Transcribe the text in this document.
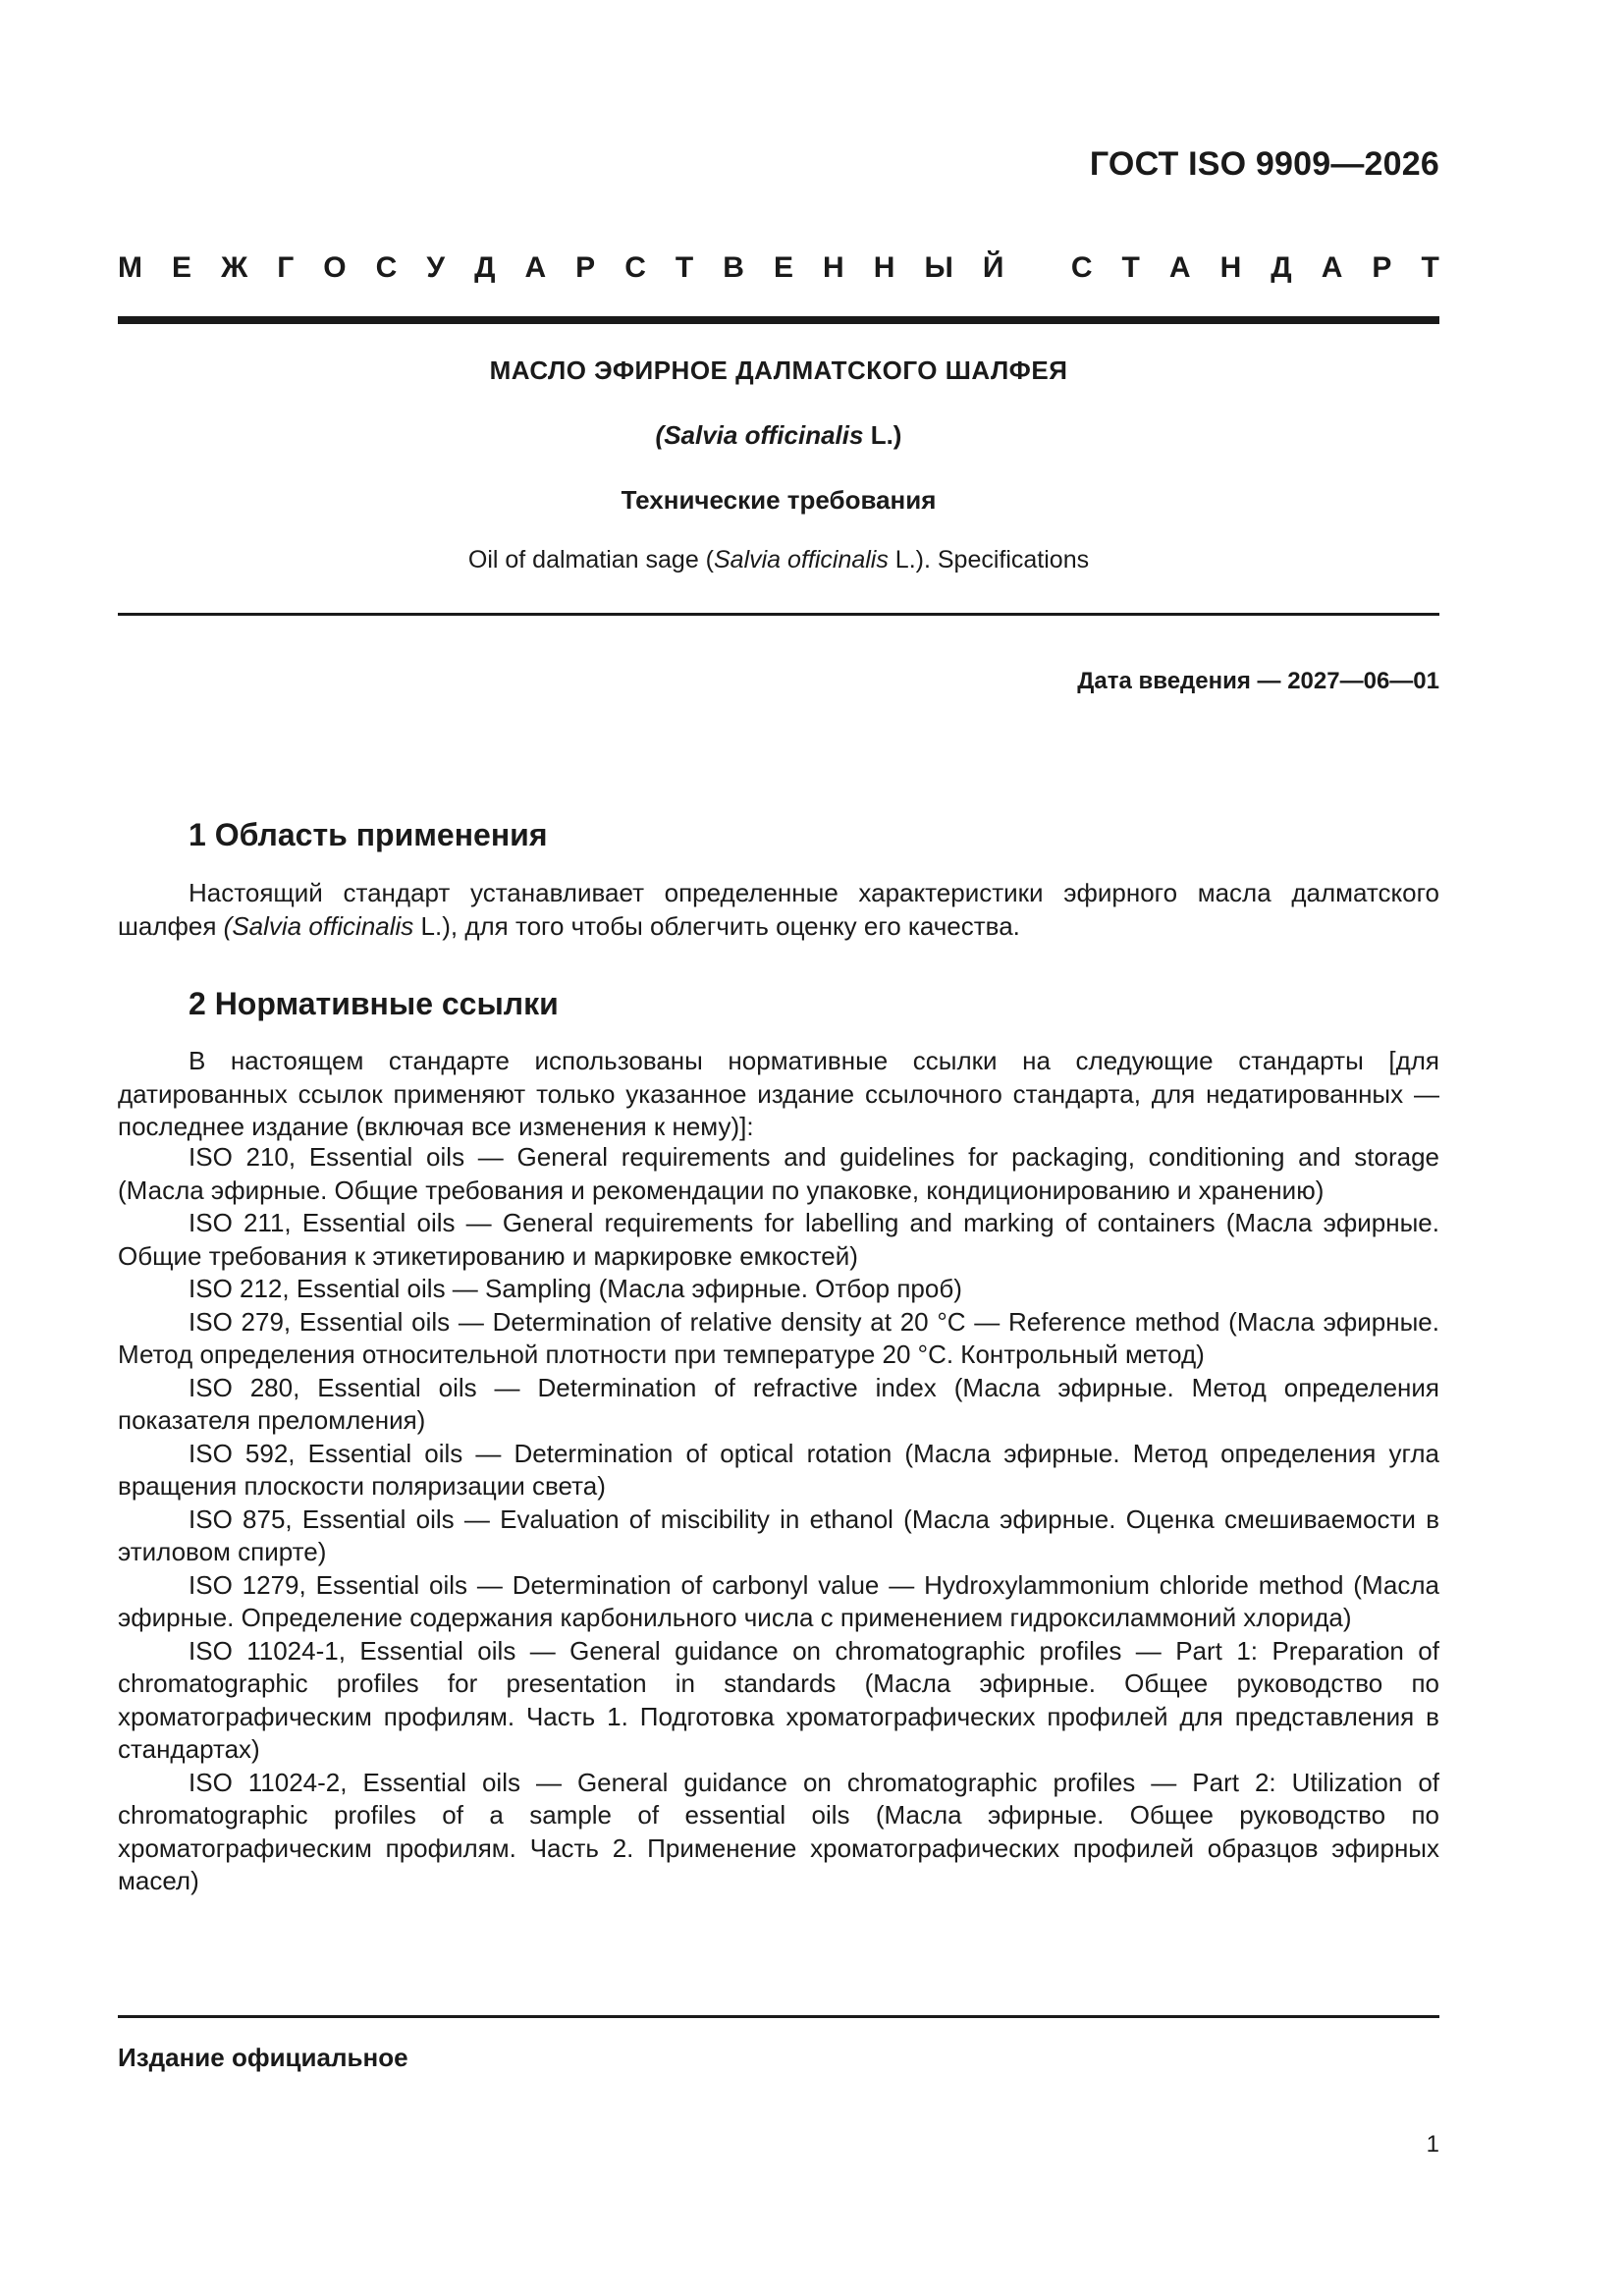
ГОСТ ISO 9909—2026
М Е Ж Г О С У Д А Р С Т В Е Н Н Ы Й
С Т А Н Д А Р Т
МАСЛО ЭФИРНОЕ ДАЛМАТСКОГО ШАЛФЕЯ
(Salvia officinalis L.)
Технические требования
Oil of dalmatian sage (Salvia officinalis L.). Specifications
Дата введения — 2027—06—01
1 Область применения

Настоящий стандарт устанавливает определенные характеристики эфирного масла далматского шалфея (Salvia officinalis L.), для того чтобы облегчить оценку его качества.

2 Нормативные ссылки

В настоящем стандарте использованы нормативные ссылки на следующие стандарты [для датированных ссылок применяют только указанное издание ссылочного стандарта, для недатированных — последнее издание (включая все изменения к нему)]:

ISO 210, Essential oils — General requirements and guidelines for packaging, conditioning and storage (Масла эфирные. Общие требования и рекомендации по упаковке, кондиционированию и хранению)

ISO 211, Essential oils — General requirements for labelling and marking of containers (Масла эфирные. Общие требования к этикетированию и маркировке емкостей)

ISO 212, Essential oils — Sampling (Масла эфирные. Отбор проб)

ISO 279, Essential oils — Determination of relative density at 20 °C — Reference method (Масла эфирные. Метод определения относительной плотности при температуре 20 °C. Контрольный метод)

ISO 280, Essential oils — Determination of refractive index (Масла эфирные. Метод определения показателя преломления)

ISO 592, Essential oils — Determination of optical rotation (Масла эфирные. Метод определения угла вращения плоскости поляризации света)

ISO 875, Essential oils — Evaluation of miscibility in ethanol (Масла эфирные. Оценка смешиваемости в этиловом спирте)

ISO 1279, Essential oils — Determination of carbonyl value — Hydroxylammonium chloride method (Масла эфирные. Определение содержания карбонильного числа с применением гидроксиламмоний хлорида)

ISO 11024-1, Essential oils — General guidance on chromatographic profiles — Part 1: Preparation of chromatographic profiles for presentation in standards (Масла эфирные. Общее руководство по хроматографическим профилям. Часть 1. Подготовка хроматографических профилей для представления в стандартах)

ISO 11024-2, Essential oils — General guidance on chromatographic profiles — Part 2: Utilization of chromatographic profiles of a sample of essential oils (Масла эфирные. Общее руководство по хроматографическим профилям. Часть 2. Применение хроматографических профилей образцов эфирных масел)

Издание официальное
1
